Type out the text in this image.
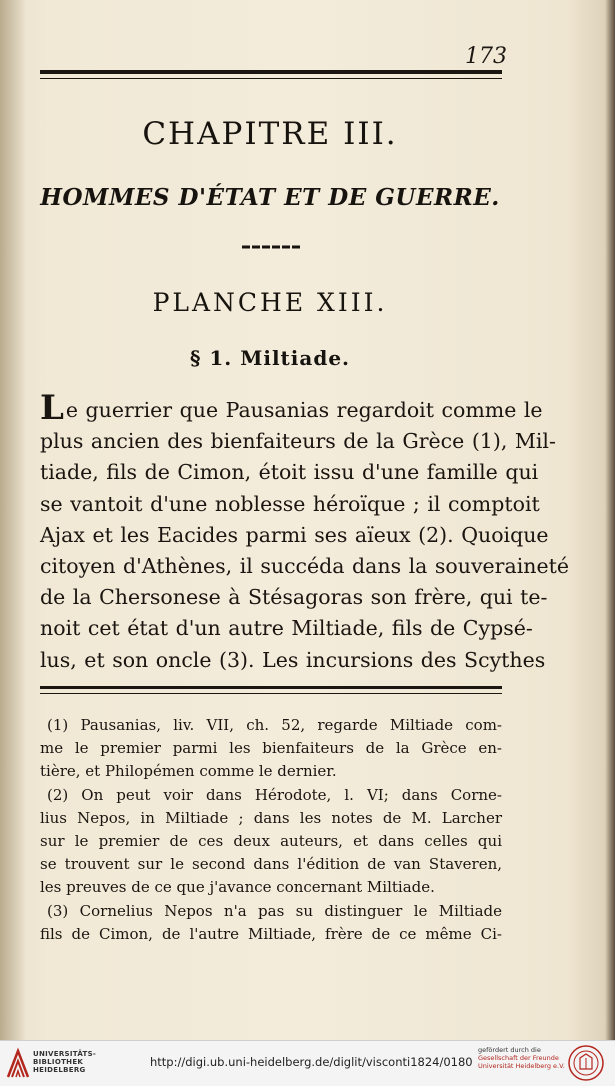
173
CHAPITRE III.
HOMMES D'ÉTAT ET DE GUERRE.
PLANCHE XIII.
§ 1. Miltiade.
Le guerrier que Pausanias regardoit comme le
plus ancien des bienfaiteurs de la Grèce (1), Mil-
tiade, fils de Cimon, étoit issu d'une famille qui
se vantoit d'une noblesse héroïque ; il comptoit
Ajax et les Eacides parmi ses aïeux (2). Quoique
citoyen d'Athènes, il succéda dans la souveraineté
de la Chersonese à Stésagoras son frère, qui te-
noit cet état d'un autre Miltiade, fils de Cypsé-
lus, et son oncle (3). Les incursions des Scythes
(1) Pausanias, liv. VII, ch. 52, regarde Miltiade com-
me le premier parmi les bienfaiteurs de la Grèce en-
tière, et Philopémen comme le dernier.
(2) On peut voir dans Hérodote, l. VI; dans Corne-
lius Nepos, in Miltiade ; dans les notes de M. Larcher
sur le premier de ces deux auteurs, et dans celles qui
se trouvent sur le second dans l'édition de van Staveren,
les preuves de ce que j'avance concernant Miltiade.
(3) Cornelius Nepos n'a pas su distinguer le Miltiade
fils de Cimon, de l'autre Miltiade, frère de ce même Ci-
UNIVERSITÄTS-
BIBLIOTHEK
HEIDELBERG
http://digi.ub.uni-heidelberg.de/diglit/visconti1824/0180
gefördert durch die
Gesellschaft der Freunde
Universität Heidelberg e.V.
